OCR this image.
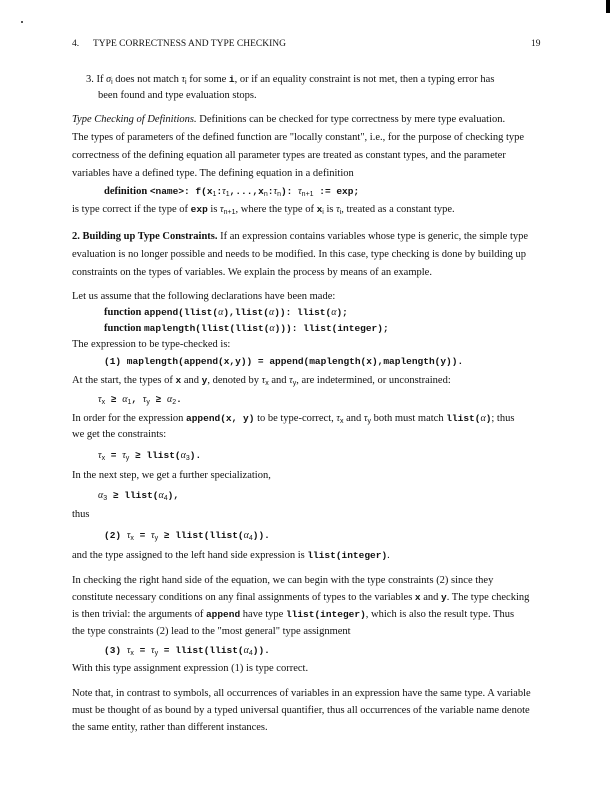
4. TYPE CORRECTNESS AND TYPE CHECKING	19
3. If σi does not match τi for some i, or if an equality constraint is not met, then a typing error has
been found and type evaluation stops.
Type Checking of Definitions. Definitions can be checked for type correctness by mere type evaluation.
The types of parameters of the defined function are "locally constant", i.e., for the purpose of checking type
correctness of the defining equation all parameter types are treated as constant types, and the parameter
variables have a defined type. The defining equation in a definition
definition <name>: f(x1:τ1,...,xn:τn): τn+1 := exp;
is type correct if the type of exp is τn+1, where the type of xi is τi, treated as a constant type.
2. Building up Type Constraints. If an expression contains variables whose type is generic, the simple type
evaluation is no longer possible and needs to be modified. In this case, type checking is done by building up
constraints on the types of variables. We explain the process by means of an example.
Let us assume that the following declarations have been made:
function append(llist(α),llist(α)): llist(α);
function maplength(llist(llist(α))): llist(integer);
The expression to be type-checked is:
(1) maplength(append(x,y)) = append(maplength(x),maplength(y)).
At the start, the types of x and y, denoted by τx and τy, are indetermined, or unconstrained:
τx ≥ α1, τy ≥ α2.
In order for the expression append(x, y) to be type-correct, τx and τy both must match llist(α); thus
we get the constraints:
τx = τy ≥ llist(α3).
In the next step, we get a further specialization,
α3 ≥ llist(α4),
thus
(2) τx = τy ≥ llist(llist(α4)).
and the type assigned to the left hand side expression is llist(integer).
In checking the right hand side of the equation, we can begin with the type constraints (2) since they
constitute necessary conditions on any final assignments of types to the variables x and y. The type checking
is then trivial: the arguments of append have type llist(integer), which is also the result type. Thus
the type constraints (2) lead to the "most general" type assignment
(3) τx = τy = llist(llist(α4)).
With this type assignment expression (1) is type correct.
Note that, in contrast to symbols, all occurrences of variables in an expression have the same type. A variable
must be thought of as bound by a typed universal quantifier, thus all occurrences of the variable name denote
the same entity, rather than different instances.
